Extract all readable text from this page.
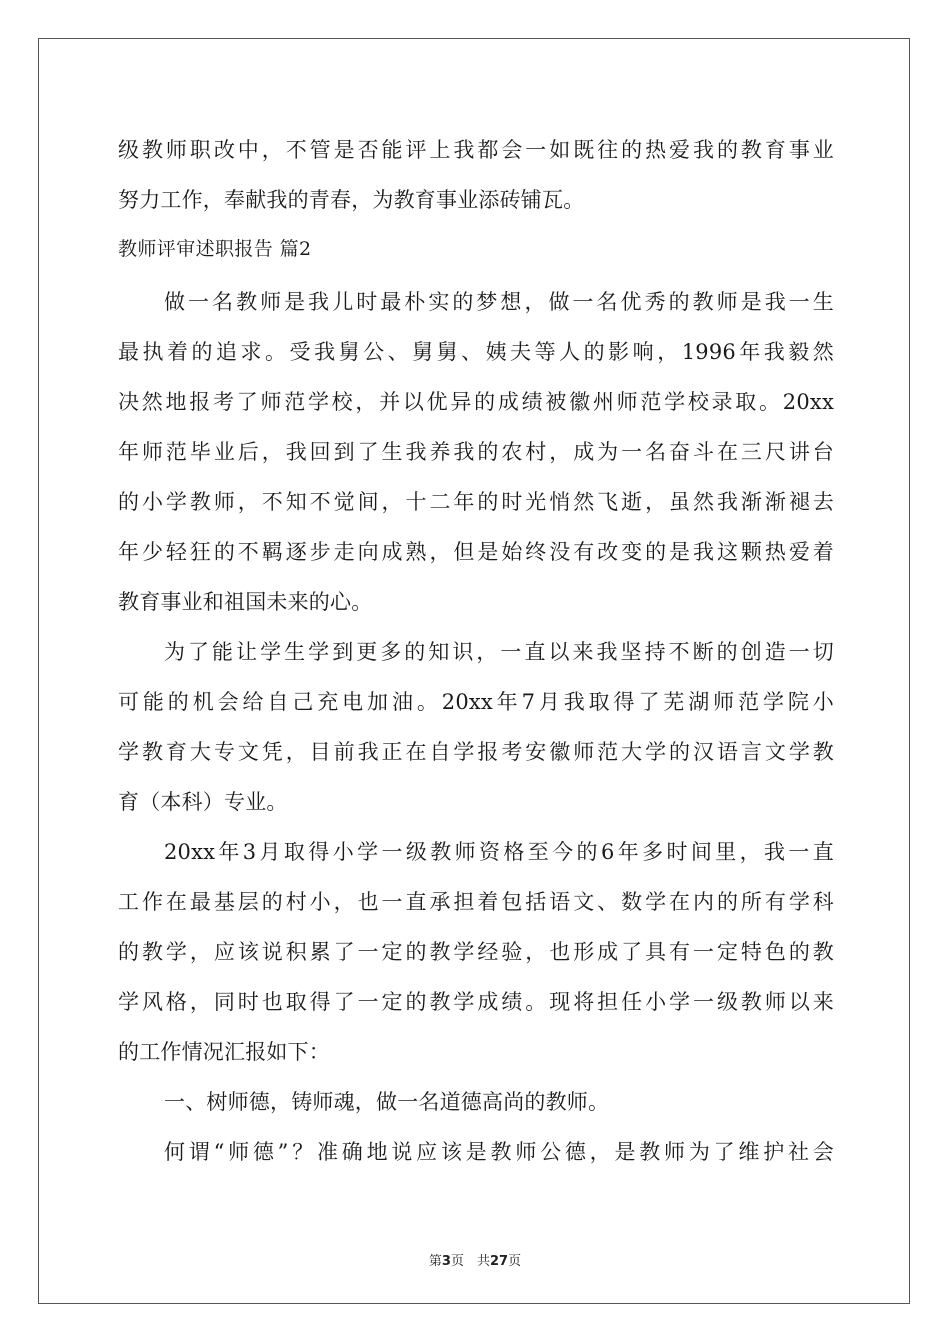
级教师职改中，不管是否能评上我都会一如既往的热爱我的教育事业
努力工作，奉献我的青春，为教育事业添砖铺瓦。
教师评审述职报告 篇2
做一名教师是我儿时最朴实的梦想，做一名优秀的教师是我一生
最执着的追求。受我舅公、舅舅、姨夫等人的影响，1996年我毅然
决然地报考了师范学校，并以优异的成绩被徽州师范学校录取。20xx
年师范毕业后，我回到了生我养我的农村，成为一名奋斗在三尺讲台
的小学教师，不知不觉间，十二年的时光悄然飞逝，虽然我渐渐褪去
年少轻狂的不羁逐步走向成熟，但是始终没有改变的是我这颗热爱着
教育事业和祖国未来的心。
为了能让学生学到更多的知识，一直以来我坚持不断的创造一切
可能的机会给自己充电加油。20xx年7月我取得了芜湖师范学院小
学教育大专文凭，目前我正在自学报考安徽师范大学的汉语言文学教
育（本科）专业。
20xx年3月取得小学一级教师资格至今的6年多时间里，我一直
工作在最基层的村小，也一直承担着包括语文、数学在内的所有学科
的教学，应该说积累了一定的教学经验，也形成了具有一定特色的教
学风格，同时也取得了一定的教学成绩。现将担任小学一级教师以来
的工作情况汇报如下：
一、树师德，铸师魂，做一名道德高尚的教师。
何谓“师德”？准确地说应该是教师公德，是教师为了维护社会
第3页　共27页
